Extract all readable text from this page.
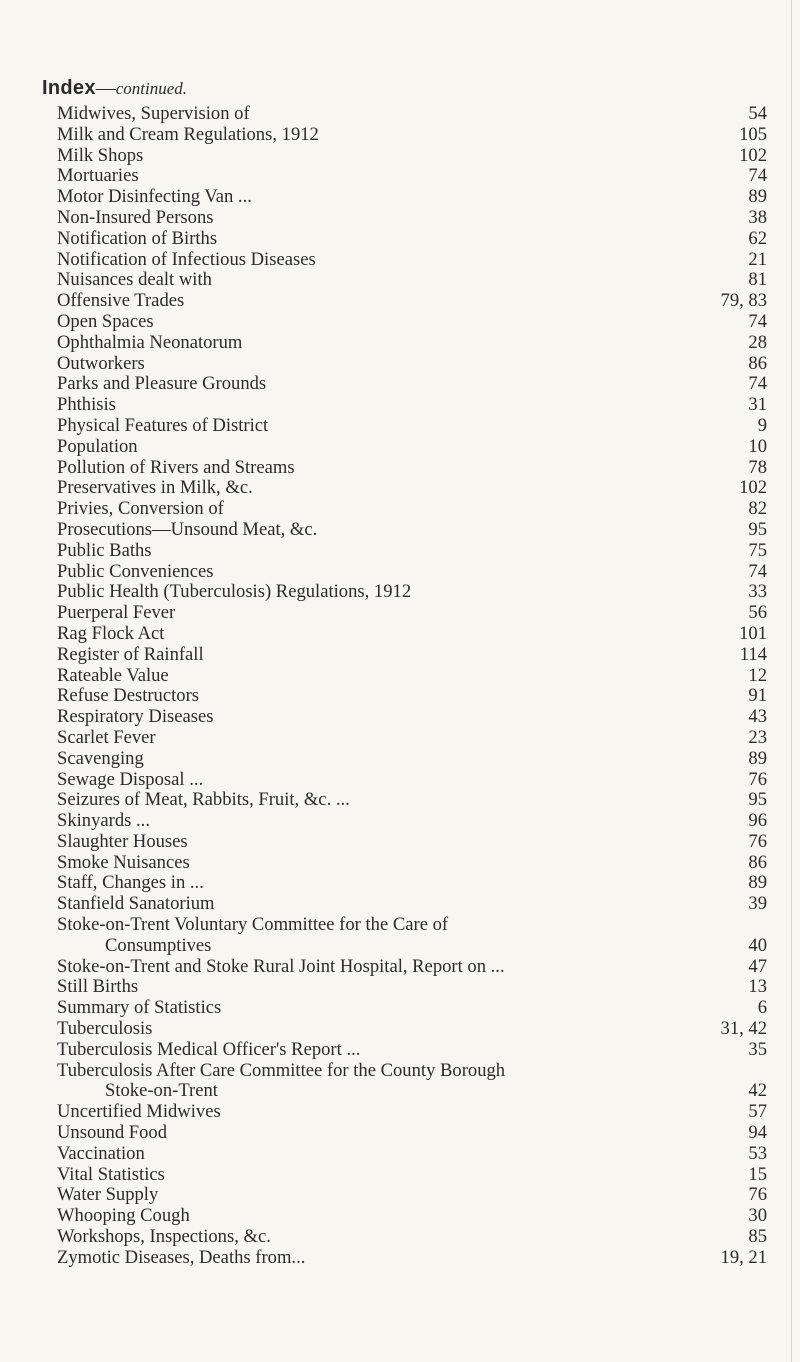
Index—continued.
Midwives, Supervision of	54
Milk and Cream Regulations, 1912	105
Milk Shops	102
Mortuaries	74
Motor Disinfecting Van ...	89
Non-Insured Persons	38
Notification of Births	62
Notification of Infectious Diseases	21
Nuisances dealt with	81
Offensive Trades	79, 83
Open Spaces	74
Ophthalmia Neonatorum	28
Outworkers	86
Parks and Pleasure Grounds	74
Phthisis	31
Physical Features of District	9
Population	10
Pollution of Rivers and Streams	78
Preservatives in Milk, &c.	102
Privies, Conversion of	82
Prosecutions—Unsound Meat, &c.	95
Public Baths	75
Public Conveniences	74
Public Health (Tuberculosis) Regulations, 1912	33
Puerperal Fever	56
Rag Flock Act	101
Register of Rainfall	114
Rateable Value	12
Refuse Destructors	91
Respiratory Diseases	43
Scarlet Fever	23
Scavenging	89
Sewage Disposal ...	76
Seizures of Meat, Rabbits, Fruit, &c. ...	95
Skinyards ...	96
Slaughter Houses	76
Smoke Nuisances	86
Staff, Changes in ...	89
Stanfield Sanatorium	39
Stoke-on-Trent Voluntary Committee for the Care of
Consumptives	40
Stoke-on-Trent and Stoke Rural Joint Hospital, Report on ...	47
Still Births	13
Summary of Statistics	6
Tuberculosis	31, 42
Tuberculosis Medical Officer's Report ...	35
Tuberculosis After Care Committee for the County Borough
Stoke-on-Trent	42
Uncertified Midwives	57
Unsound Food	94
Vaccination	53
Vital Statistics	15
Water Supply	76
Whooping Cough	30
Workshops, Inspections, &c.	85
Zymotic Diseases, Deaths from...	19, 21
